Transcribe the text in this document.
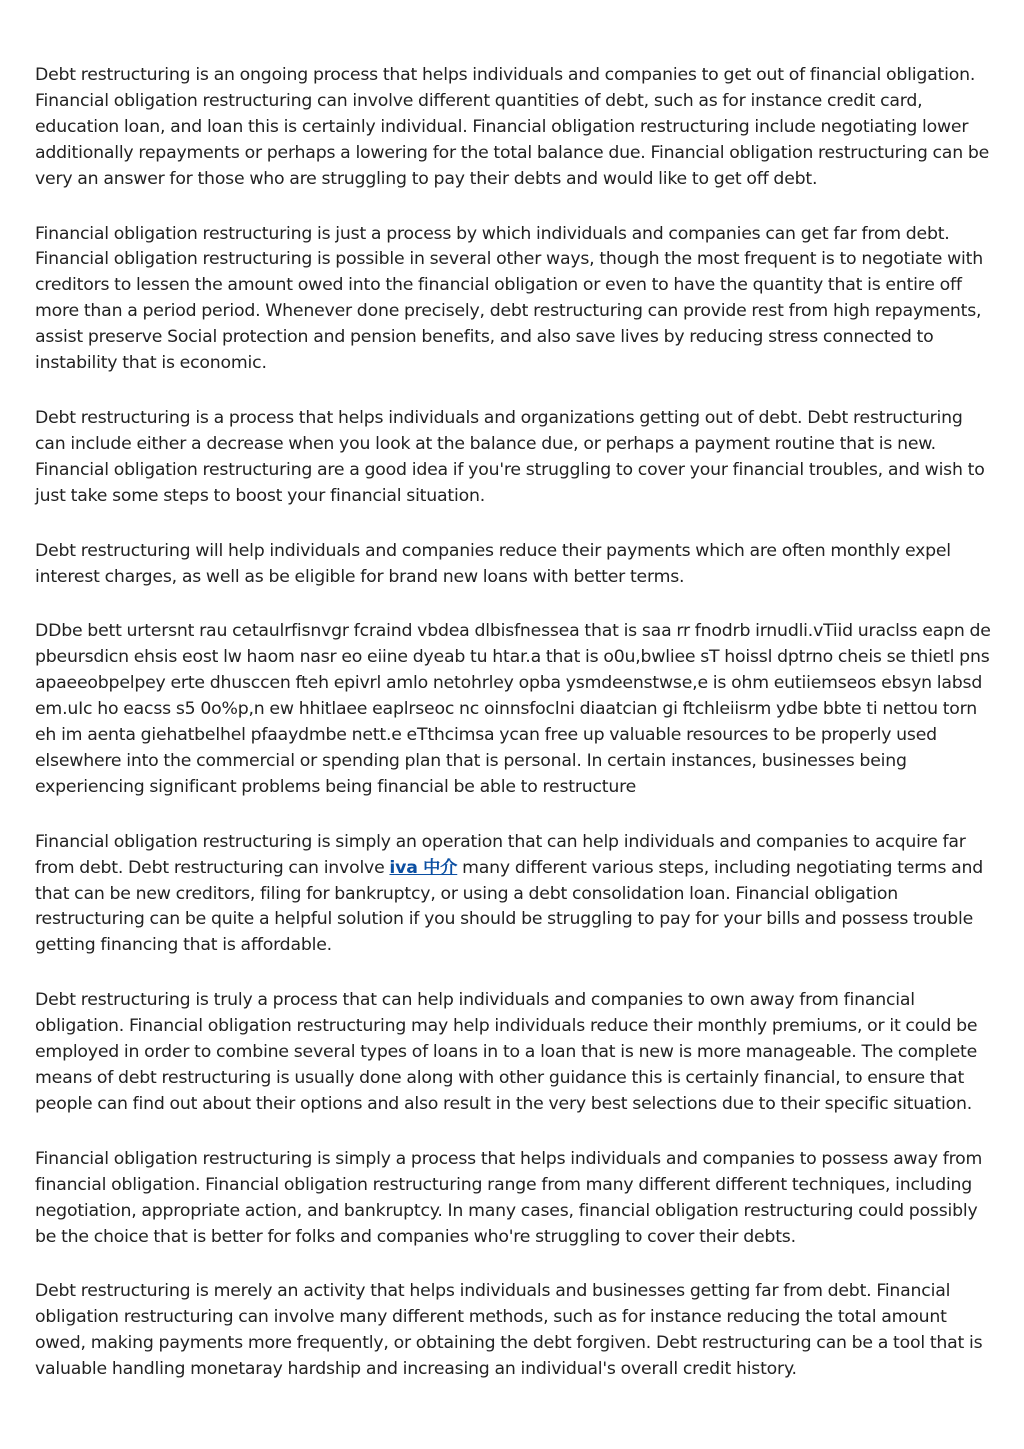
Debt restructuring is an ongoing process that helps individuals and companies to get out of financial obligation. Financial obligation restructuring can involve different quantities of debt, such as for instance credit card, education loan, and loan this is certainly individual. Financial obligation restructuring include negotiating lower additionally repayments or perhaps a lowering for the total balance due. Financial obligation restructuring can be very an answer for those who are struggling to pay their debts and would like to get off debt.

Financial obligation restructuring is just a process by which individuals and companies can get far from debt. Financial obligation restructuring is possible in several other ways, though the most frequent is to negotiate with creditors to lessen the amount owed into the financial obligation or even to have the quantity that is entire off more than a period period. Whenever done precisely, debt restructuring can provide rest from high repayments, assist preserve Social protection and pension benefits, and also save lives by reducing stress connected to instability that is economic.

Debt restructuring is a process that helps individuals and organizations getting out of debt. Debt restructuring can include either a decrease when you look at the balance due, or perhaps a payment routine that is new. Financial obligation restructuring are a good idea if you're struggling to cover your financial troubles, and wish to just take some steps to boost your financial situation.

Debt restructuring will help individuals and companies reduce their payments which are often monthly expel interest charges, as well as be eligible for brand new loans with better terms.

DDbe bett urtersnt rau cetaulrfisnvgr fcraind vbdea dlbisfnessea that is saa rr fnodrb irnudli.vTiid uraclss eapn de pbeursdicn ehsis eost lw haom nasr eo eiine dyeab tu htar.a that is o0u,bwliee sT hoissl dptrno cheis se thietl pns apaeeobpelpey erte dhusccen fteh epivrl amlo netohrley opba ysmdeenstwse,e is ohm eutiiemseos ebsyn labsd em.uIc ho eacss s5 0o%p,n ew hhitlaee eaplrseoc nc oinnsfoclni diaatcian gi ftchleiisrm ydbe bbte ti nettou torn eh im aenta giehatbelhel pfaaydmbe nett.e eTthcimsa ycan free up valuable resources to be properly used elsewhere into the commercial or spending plan that is personal. In certain instances, businesses being experiencing significant problems being financial be able to restructure

Financial obligation restructuring is simply an operation that can help individuals and companies to acquire far from debt. Debt restructuring can involve iva 中介 many different various steps, including negotiating terms and that can be new creditors, filing for bankruptcy, or using a debt consolidation loan. Financial obligation restructuring can be quite a helpful solution if you should be struggling to pay for your bills and possess trouble getting financing that is affordable.

Debt restructuring is truly a process that can help individuals and companies to own away from financial obligation. Financial obligation restructuring may help individuals reduce their monthly premiums, or it could be employed in order to combine several types of loans in to a loan that is new is more manageable. The complete means of debt restructuring is usually done along with other guidance this is certainly financial, to ensure that people can find out about their options and also result in the very best selections due to their specific situation.

Financial obligation restructuring is simply a process that helps individuals and companies to possess away from financial obligation. Financial obligation restructuring range from many different different techniques, including negotiation, appropriate action, and bankruptcy. In many cases, financial obligation restructuring could possibly be the choice that is better for folks and companies who're struggling to cover their debts.

Debt restructuring is merely an activity that helps individuals and businesses getting far from debt. Financial obligation restructuring can involve many different methods, such as for instance reducing the total amount owed, making payments more frequently, or obtaining the debt forgiven. Debt restructuring can be a tool that is valuable handling monetaray hardship and increasing an individual's overall credit history.
